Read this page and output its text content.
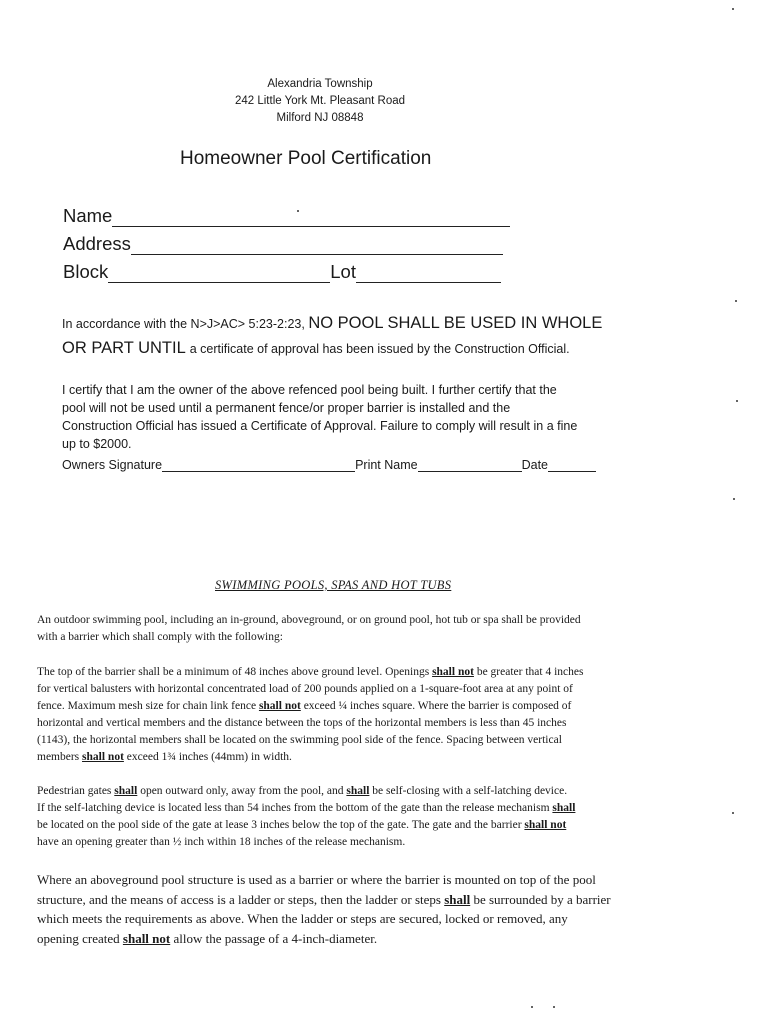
Alexandria Township
242 Little York Mt. Pleasant Road
Milford NJ 08848
Homeowner Pool Certification
Name
Address
Block	Lot
In accordance with the N>J>AC> 5:23-2:23, NO POOL SHALL BE USED IN WHOLE
OR PART UNTIL a certificate of approval has been issued by the Construction Official.
I certify that I am the owner of the above refenced pool being built. I further certify that the
pool will not be used until a permanent fence/or proper barrier is installed and the
Construction Official has issued a Certificate of Approval. Failure to comply will result in a fine
up to $2000.
Owners Signature	Print Name	Date
SWIMMING POOLS, SPAS AND HOT TUBS

An outdoor swimming pool, including an in-ground, aboveground, or on ground pool, hot tub or spa shall be provided

with a barrier which shall comply with the following:

The top of the barrier shall be a minimum of 48 inches above ground level. Openings shall not be greater that 4 inches

for vertical balusters with horizontal concentrated load of 200 pounds applied on a 1-square-foot area at any point of

fence. Maximum mesh size for chain link fence shall not exceed ¼ inches square. Where the barrier is composed of

horizontal and vertical members and the distance between the tops of the horizontal members is less than 45 inches

(1143), the horizontal members shall be located on the swimming pool side of the fence. Spacing between vertical

members shall not exceed 1¾ inches (44mm) in width.

Pedestrian gates shall open outward only, away from the pool, and shall be self-closing with a self-latching device.

If the self-latching device is located less than 54 inches from the bottom of the gate than the release mechanism shall

be located on the pool side of the gate at lease 3 inches below the top of the gate. The gate and the barrier shall not

have an opening greater than ½ inch within 18 inches of the release mechanism.

Where an aboveground pool structure is used as a barrier or where the barrier is mounted on top of the pool

structure, and the means of access is a ladder or steps, then the ladder or steps shall be surrounded by a barrier

which meets the requirements as above. When the ladder or steps are secured, locked or removed, any

opening created shall not allow the passage of a 4-inch-diameter.
